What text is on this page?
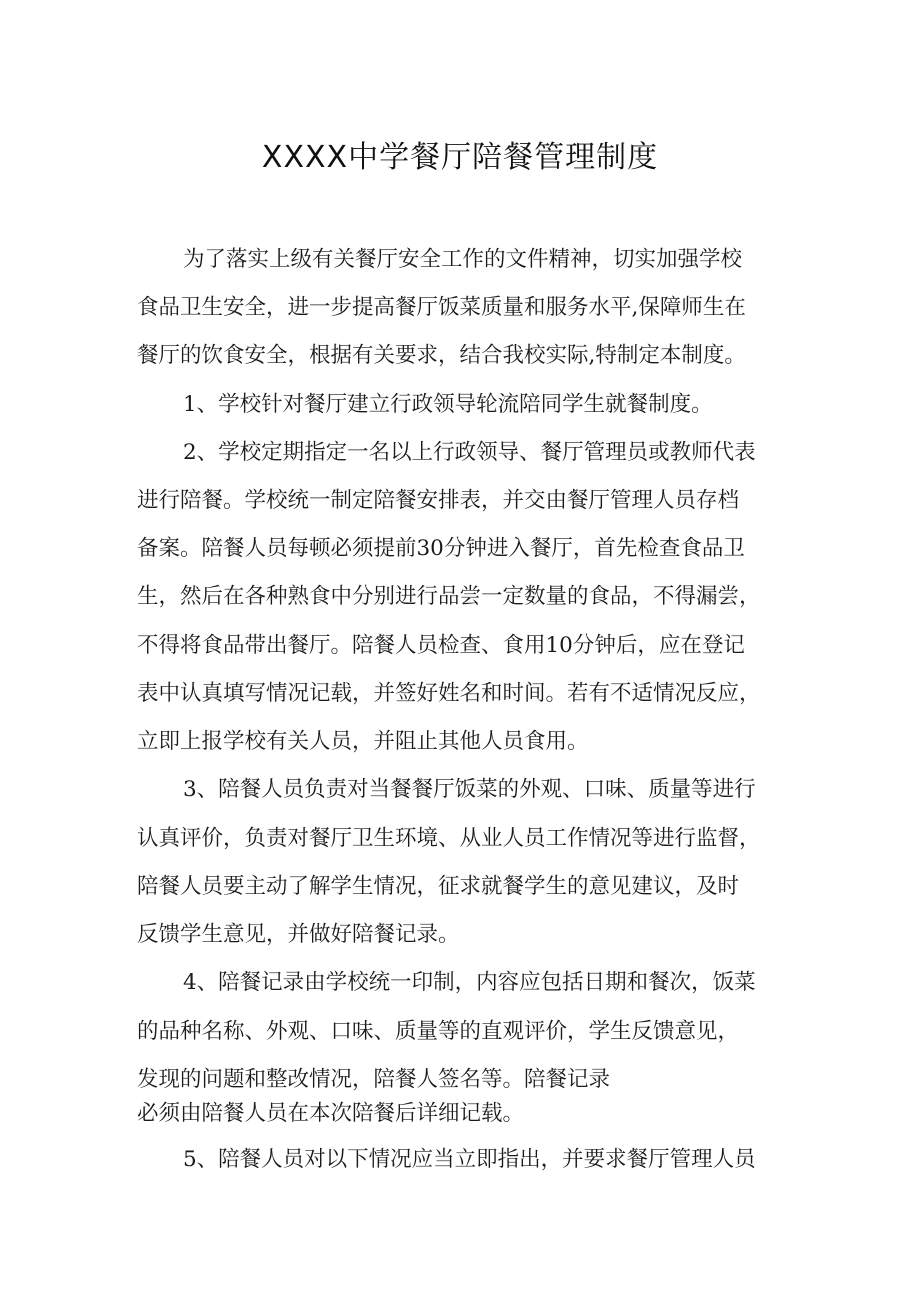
XXXX中学餐厅陪餐管理制度
为了落实上级有关餐厅安全工作的文件精神，切实加强学校
食品卫生安全，进一步提高餐厅饭菜质量和服务水平,保障师生在
餐厅的饮食安全，根据有关要求，结合我校实际,特制定本制度。
1、学校针对餐厅建立行政领导轮流陪同学生就餐制度。
2、学校定期指定一名以上行政领导、餐厅管理员或教师代表
进行陪餐。学校统一制定陪餐安排表，并交由餐厅管理人员存档
备案。陪餐人员每顿必须提前30分钟进入餐厅，首先检查食品卫
生，然后在各种熟食中分别进行品尝一定数量的食品，不得漏尝，
不得将食品带出餐厅。陪餐人员检查、食用10分钟后，应在登记
表中认真填写情况记载，并签好姓名和时间。若有不适情况反应，
立即上报学校有关人员，并阻止其他人员食用。
3、陪餐人员负责对当餐餐厅饭菜的外观、口味、质量等进行
认真评价，负责对餐厅卫生环境、从业人员工作情况等进行监督，
陪餐人员要主动了解学生情况，征求就餐学生的意见建议，及时
反馈学生意见，并做好陪餐记录。
4、陪餐记录由学校统一印制，内容应包括日期和餐次，饭菜
的品种名称、外观、口味、质量等的直观评价，学生反馈意见，
发现的问题和整改情况，陪餐人签名等。陪餐记录
必须由陪餐人员在本次陪餐后详细记载。
5、陪餐人员对以下情况应当立即指出，并要求餐厅管理人员
